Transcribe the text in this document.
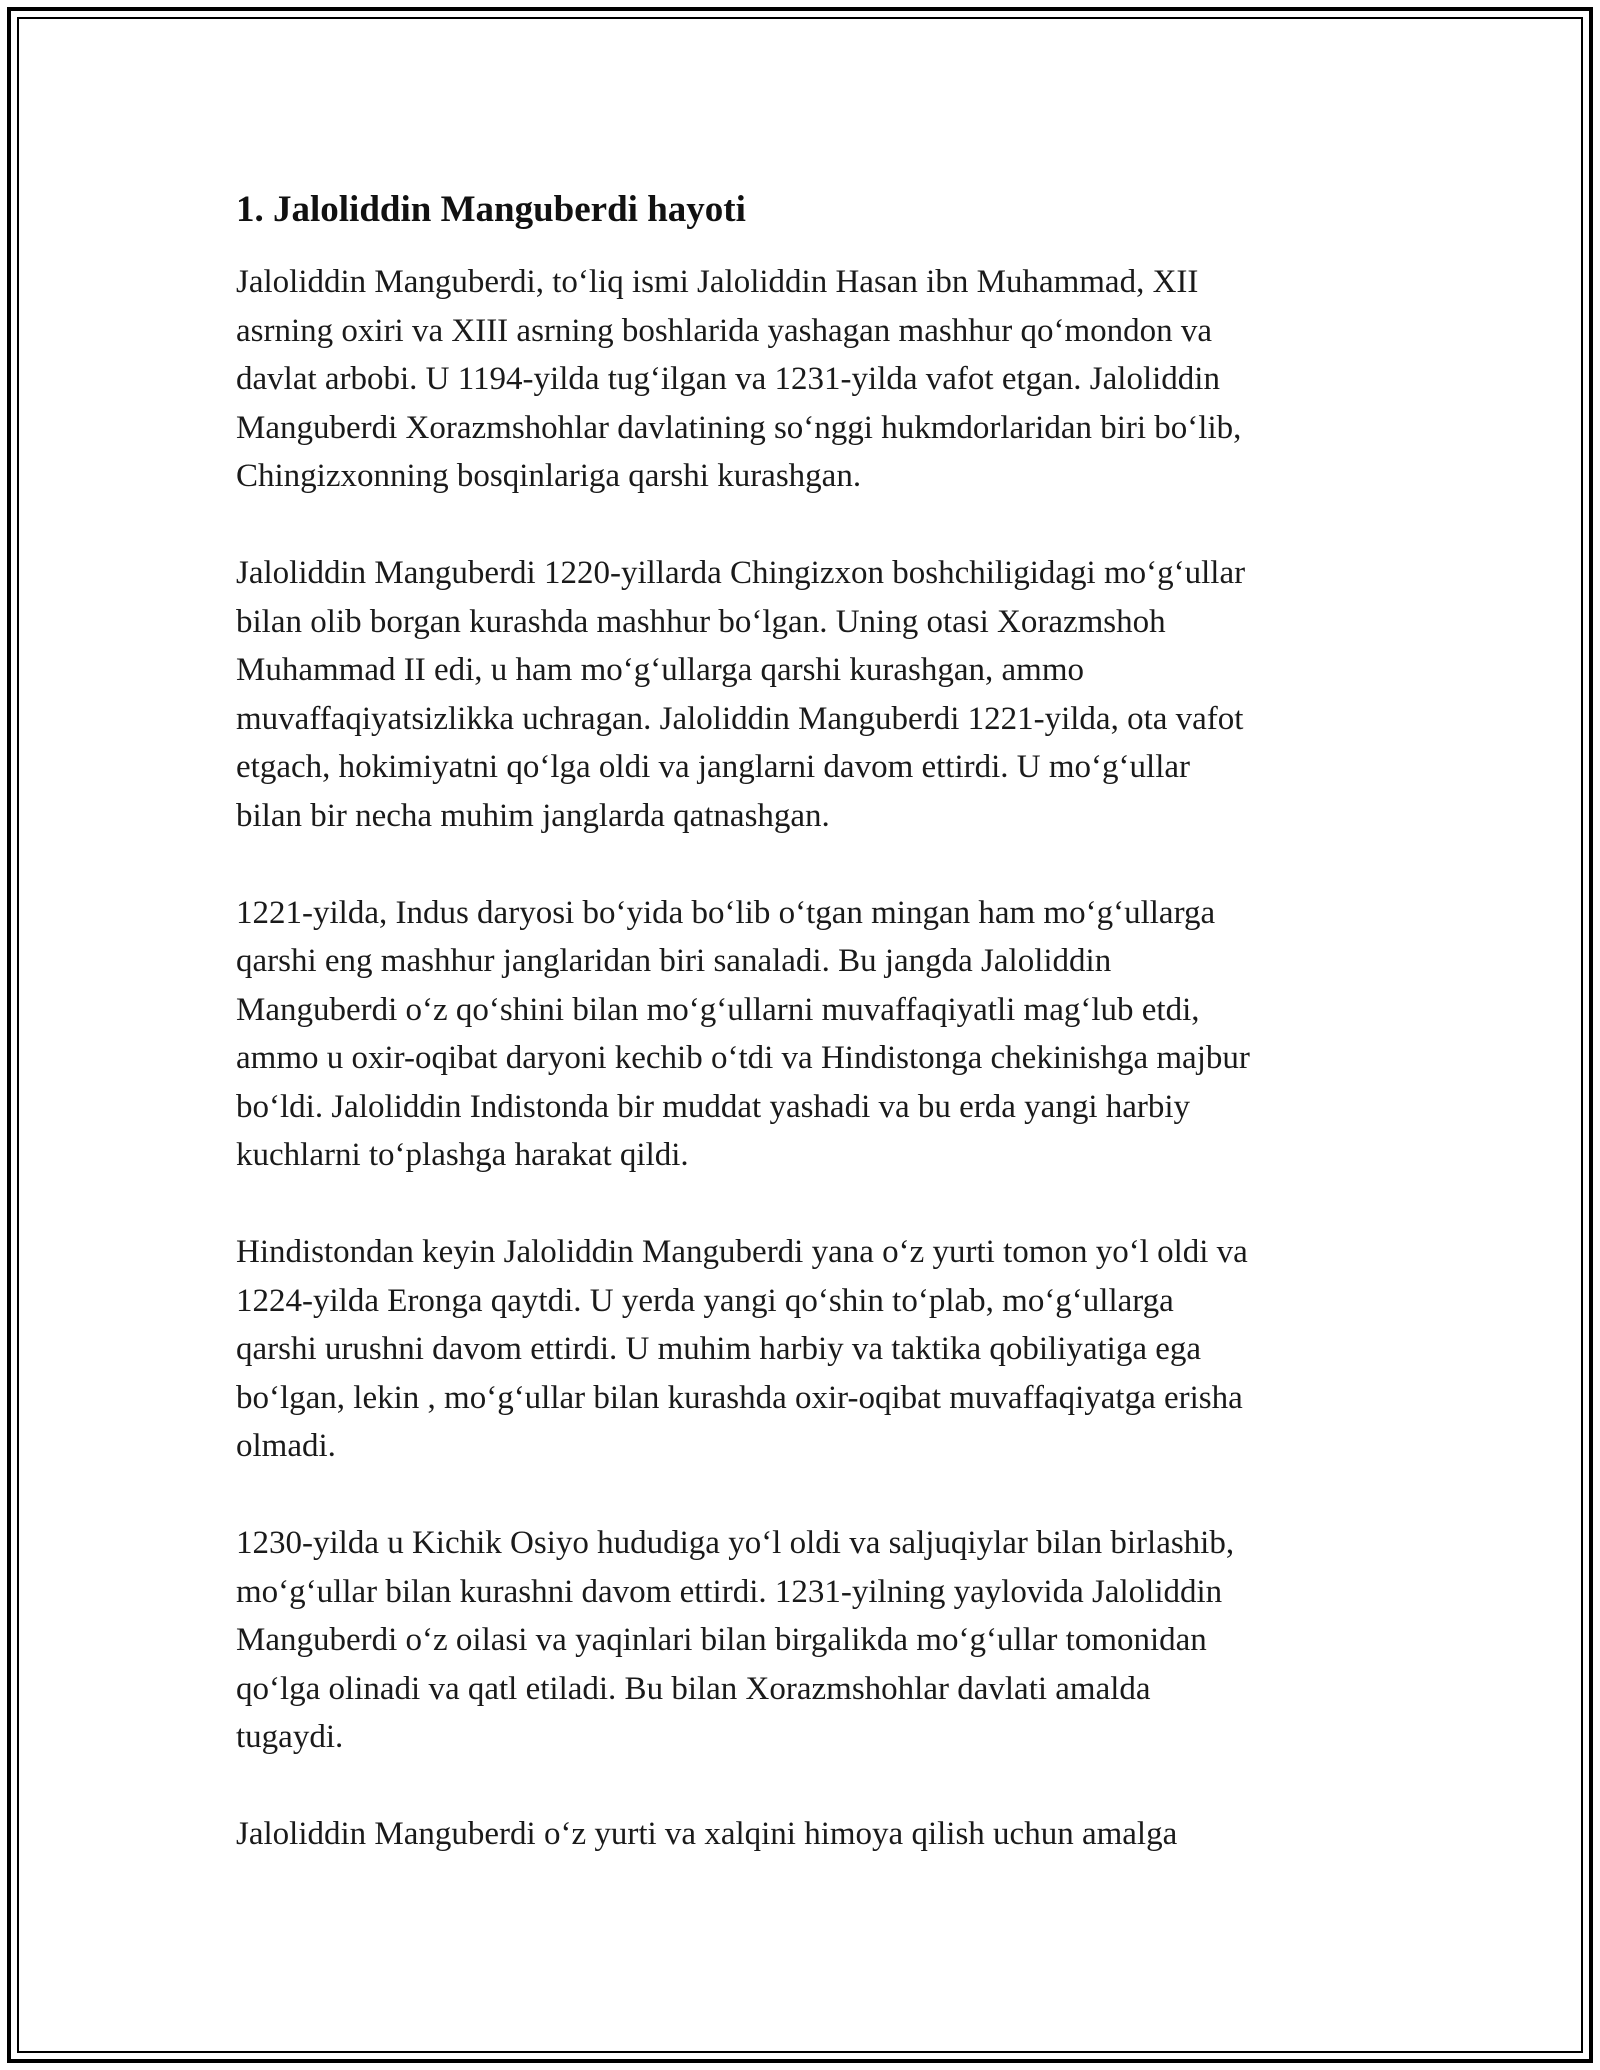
1. Jaloliddin Manguberdi hayoti

Jaloliddin Manguberdi, to‘liq ismi Jaloliddin Hasan ibn Muhammad, XII
asrning oxiri va XIII asrning boshlarida yashagan mashhur qo‘mondon va
davlat arbobi. U 1194-yilda tug‘ilgan va 1231-yilda vafot etgan. Jaloliddin
Manguberdi Xorazmshohlar davlatining so‘nggi hukmdorlaridan biri bo‘lib,
Chingizxonning bosqinlariga qarshi kurashgan.

Jaloliddin Manguberdi 1220-yillarda Chingizxon boshchiligidagi mo‘g‘ullar
bilan olib borgan kurashda mashhur bo‘lgan. Uning otasi Xorazmshoh
Muhammad II edi, u ham mo‘g‘ullarga qarshi kurashgan, ammo
muvaffaqiyatsizlikka uchragan. Jaloliddin Manguberdi 1221-yilda, ota vafot
etgach, hokimiyatni qo‘lga oldi va janglarni davom ettirdi. U mo‘g‘ullar
bilan bir necha muhim janglarda qatnashgan.

1221-yilda, Indus daryosi bo‘yida bo‘lib o‘tgan mingan ham mo‘g‘ullarga
qarshi eng mashhur janglaridan biri sanaladi. Bu jangda Jaloliddin
Manguberdi o‘z qo‘shini bilan mo‘g‘ullarni muvaffaqiyatli mag‘lub etdi,
ammo u oxir-oqibat daryoni kechib o‘tdi va Hindistonga chekinishga majbur
bo‘ldi. Jaloliddin Indistonda bir muddat yashadi va bu erda yangi harbiy
kuchlarni to‘plashga harakat qildi.

Hindistondan keyin Jaloliddin Manguberdi yana o‘z yurti tomon yo‘l oldi va
1224-yilda Eronga qaytdi. U yerda yangi qo‘shin to‘plab, mo‘g‘ullarga
qarshi urushni davom ettirdi. U muhim harbiy va taktika qobiliyatiga ega
bo‘lgan, lekin , mo‘g‘ullar bilan kurashda oxir-oqibat muvaffaqiyatga erisha
olmadi.

1230-yilda u Kichik Osiyo hududiga yo‘l oldi va saljuqiylar bilan birlashib,
mo‘g‘ullar bilan kurashni davom ettirdi. 1231-yilning yaylovida Jaloliddin
Manguberdi o‘z oilasi va yaqinlari bilan birgalikda mo‘g‘ullar tomonidan
qo‘lga olinadi va qatl etiladi. Bu bilan Xorazmshohlar davlati amalda
tugaydi.

Jaloliddin Manguberdi o‘z yurti va xalqini himoya qilish uchun amalga
